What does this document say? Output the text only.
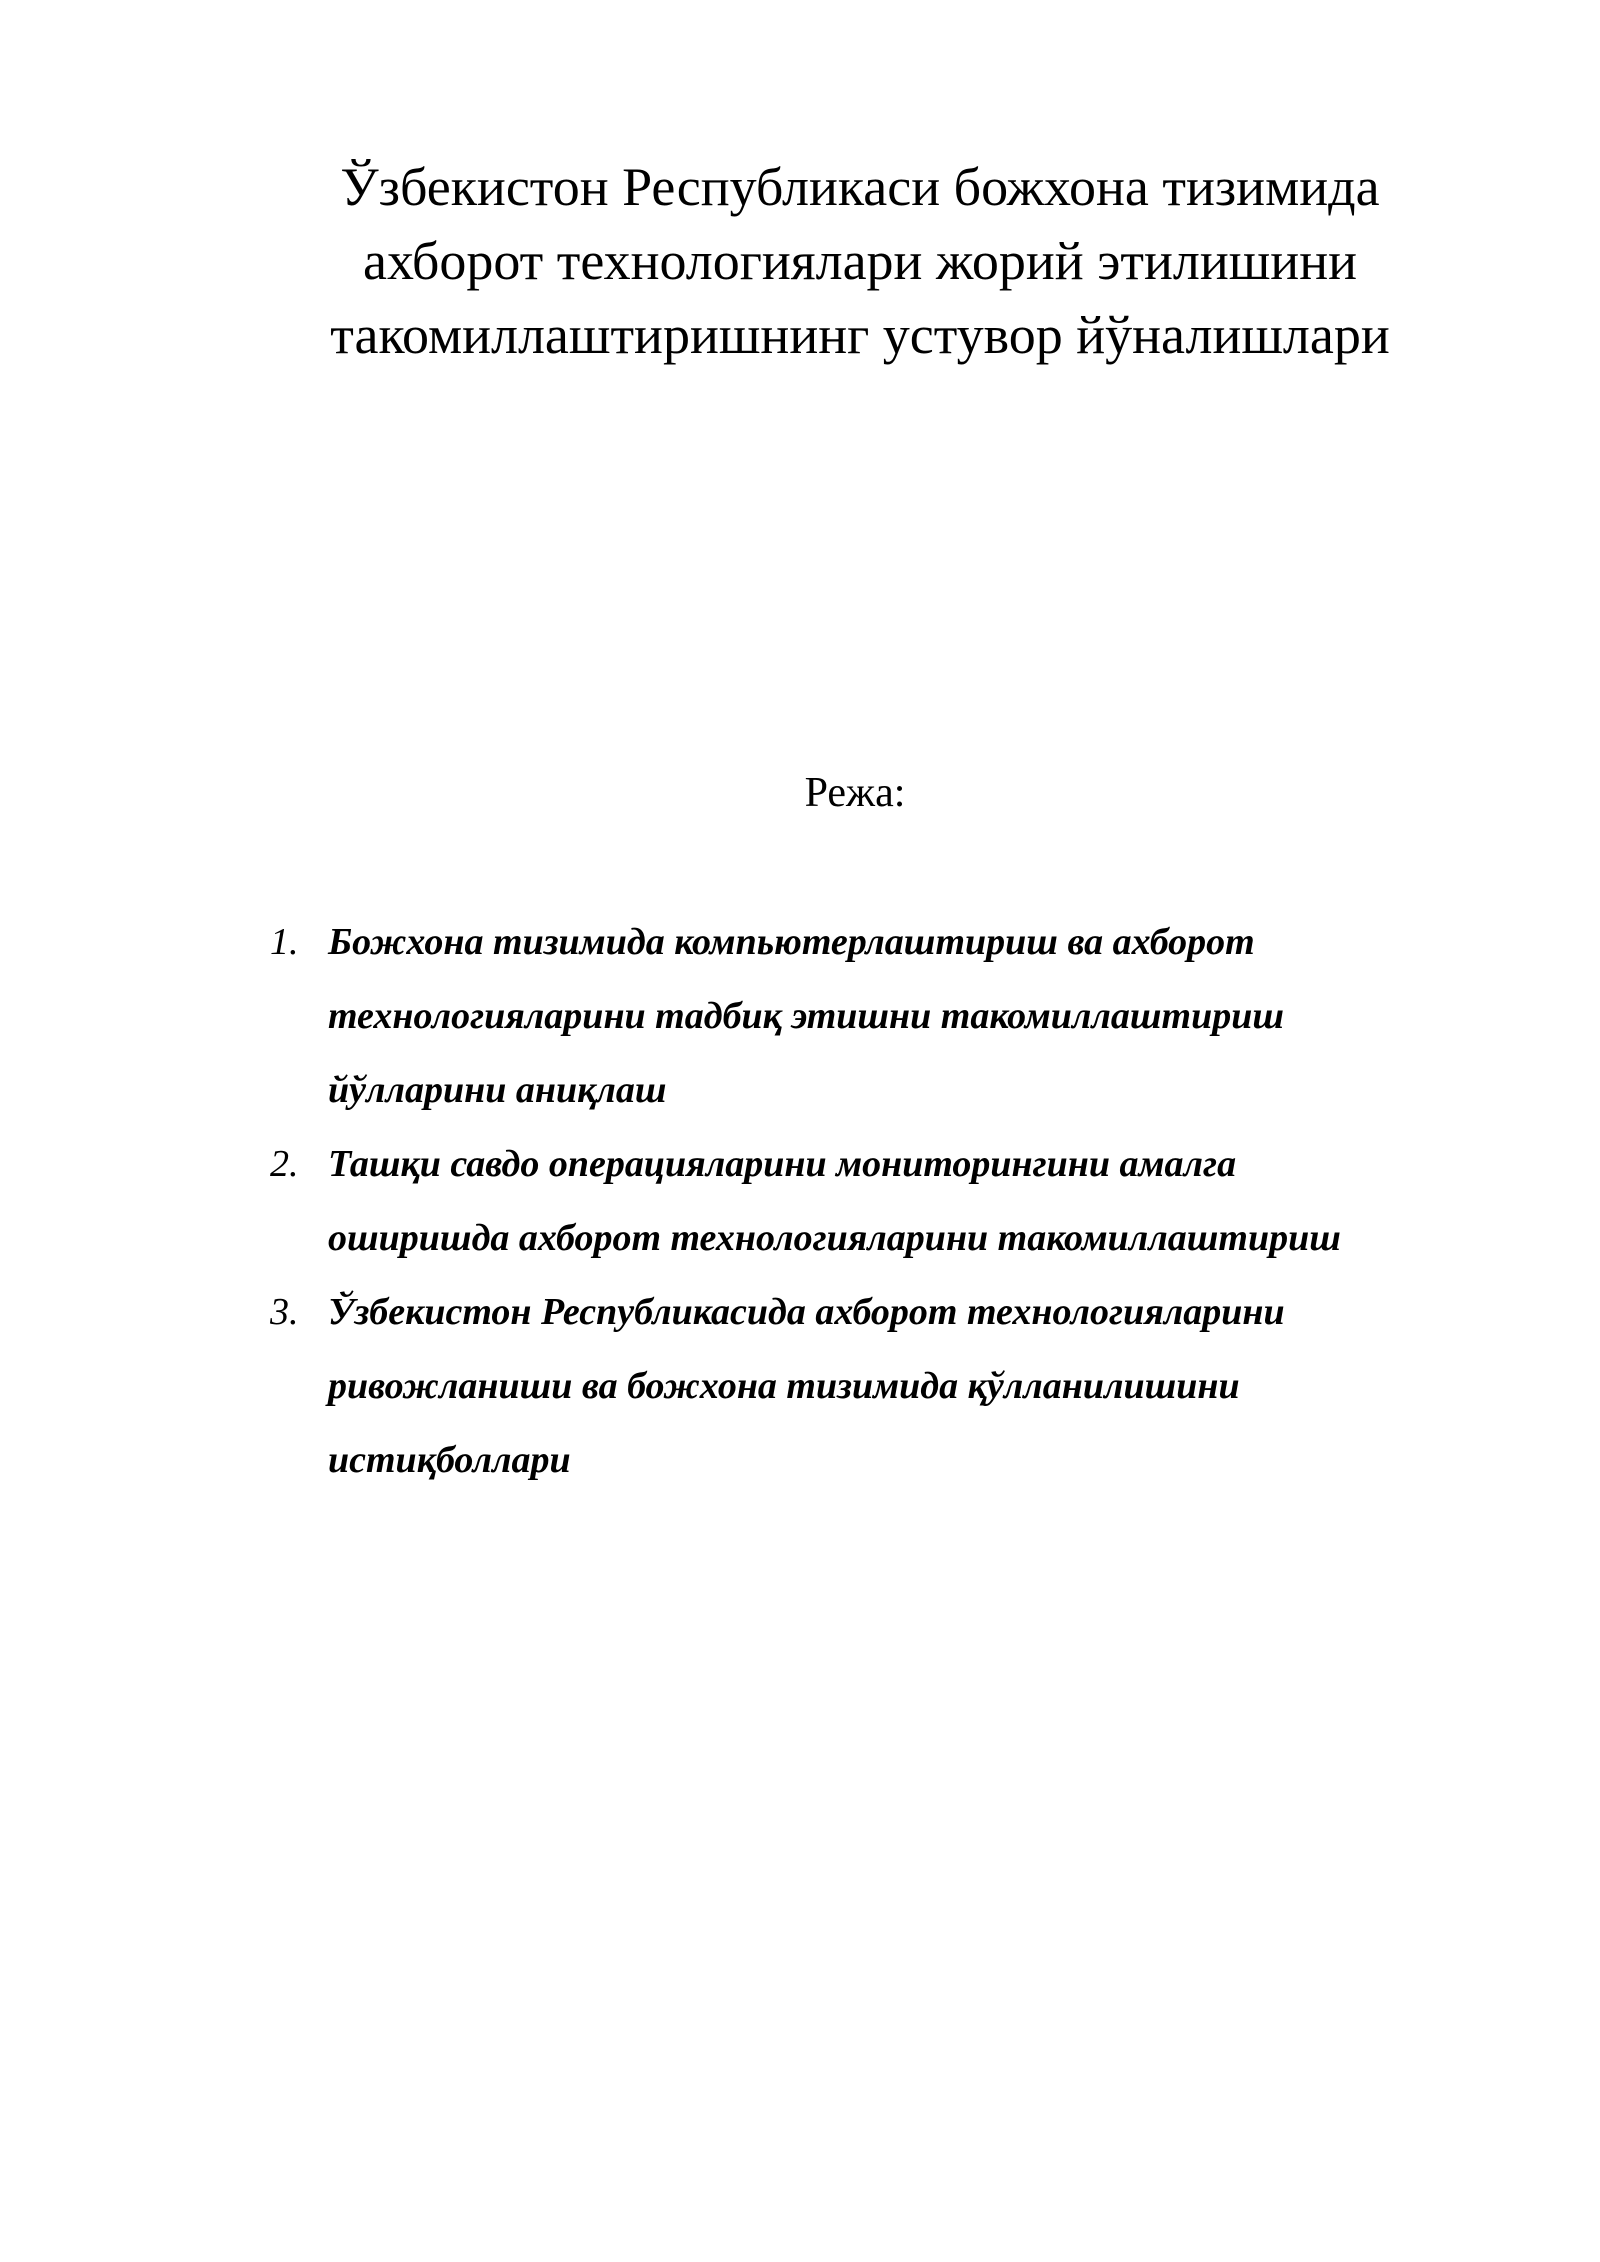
Ўзбекистон Республикаси божхона тизимида
ахборот технологиялари жорий этилишини
такомиллаштиришнинг устувор йўналишлари
Режа:
1. Божхона тизимида компьютерлаштириш ва ахборот
технологияларини тадбиқ этишни такомиллаштириш
йўлларини аниқлаш
2. Ташқи савдо операцияларини мониторингини амалга
оширишда ахборот технологияларини такомиллаштириш
3. Ўзбекистон Республикасида ахборот технологияларини
ривожланиши ва божхона тизимида қўлланилишини
истиқболлари
